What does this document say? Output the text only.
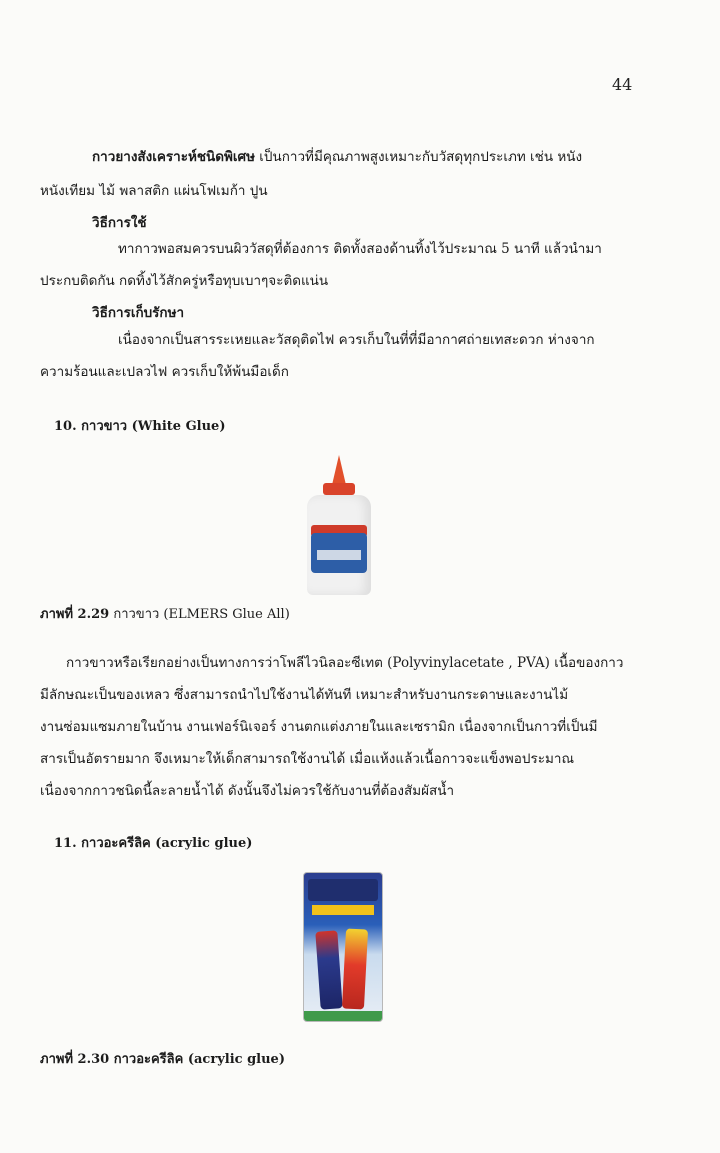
44
กาวยางสังเคราะห์ชนิดพิเศษ เป็นกาวที่มีคุณภาพสูงเหมาะกับวัสดุทุกประเภท เช่น หนัง
หนังเทียม ไม้ พลาสติก แผ่นโฟเมก้า ปูน
วิธีการใช้
ทากาวพอสมควรบนผิววัสดุที่ต้องการ ติดทั้งสองด้านทิ้งไว้ประมาณ 5 นาที แล้วนำมา
ประกบติดกัน กดทิ้งไว้สักครู่หรือทุบเบาๆจะติดแน่น
วิธีการเก็บรักษา
เนื่องจากเป็นสารระเหยและวัสดุติดไฟ ควรเก็บในที่ที่มีอากาศถ่ายเทสะดวก ห่างจาก
ความร้อนและเปลวไฟ ควรเก็บให้พ้นมือเด็ก
10. กาวขาว (White Glue)
ภาพที่ 2.29 กาวขาว (ELMERS Glue All)
กาวขาวหรือเรียกอย่างเป็นทางการว่าโพลีไวนิลอะซีเทต (Polyvinylacetate , PVA) เนื้อของกาว
มีลักษณะเป็นของเหลว ซึ่งสามารถนำไปใช้งานได้ทันที เหมาะสำหรับงานกระดาษและงานไม้
งานซ่อมแซมภายในบ้าน งานเฟอร์นิเจอร์ งานตกแต่งภายในและเซรามิก เนื่องจากเป็นกาวที่เป็นมี
สารเป็นอัตรายมาก จึงเหมาะให้เด็กสามารถใช้งานได้ เมื่อแห้งแล้วเนื้อกาวจะแข็งพอประมาณ
เนื่องจากกาวชนิดนี้ละลายน้ำได้ ดังนั้นจึงไม่ควรใช้กับงานที่ต้องสัมผัสน้ำ
11. กาวอะครีลิค (acrylic glue)
ภาพที่ 2.30 กาวอะครีลิค (acrylic glue)
